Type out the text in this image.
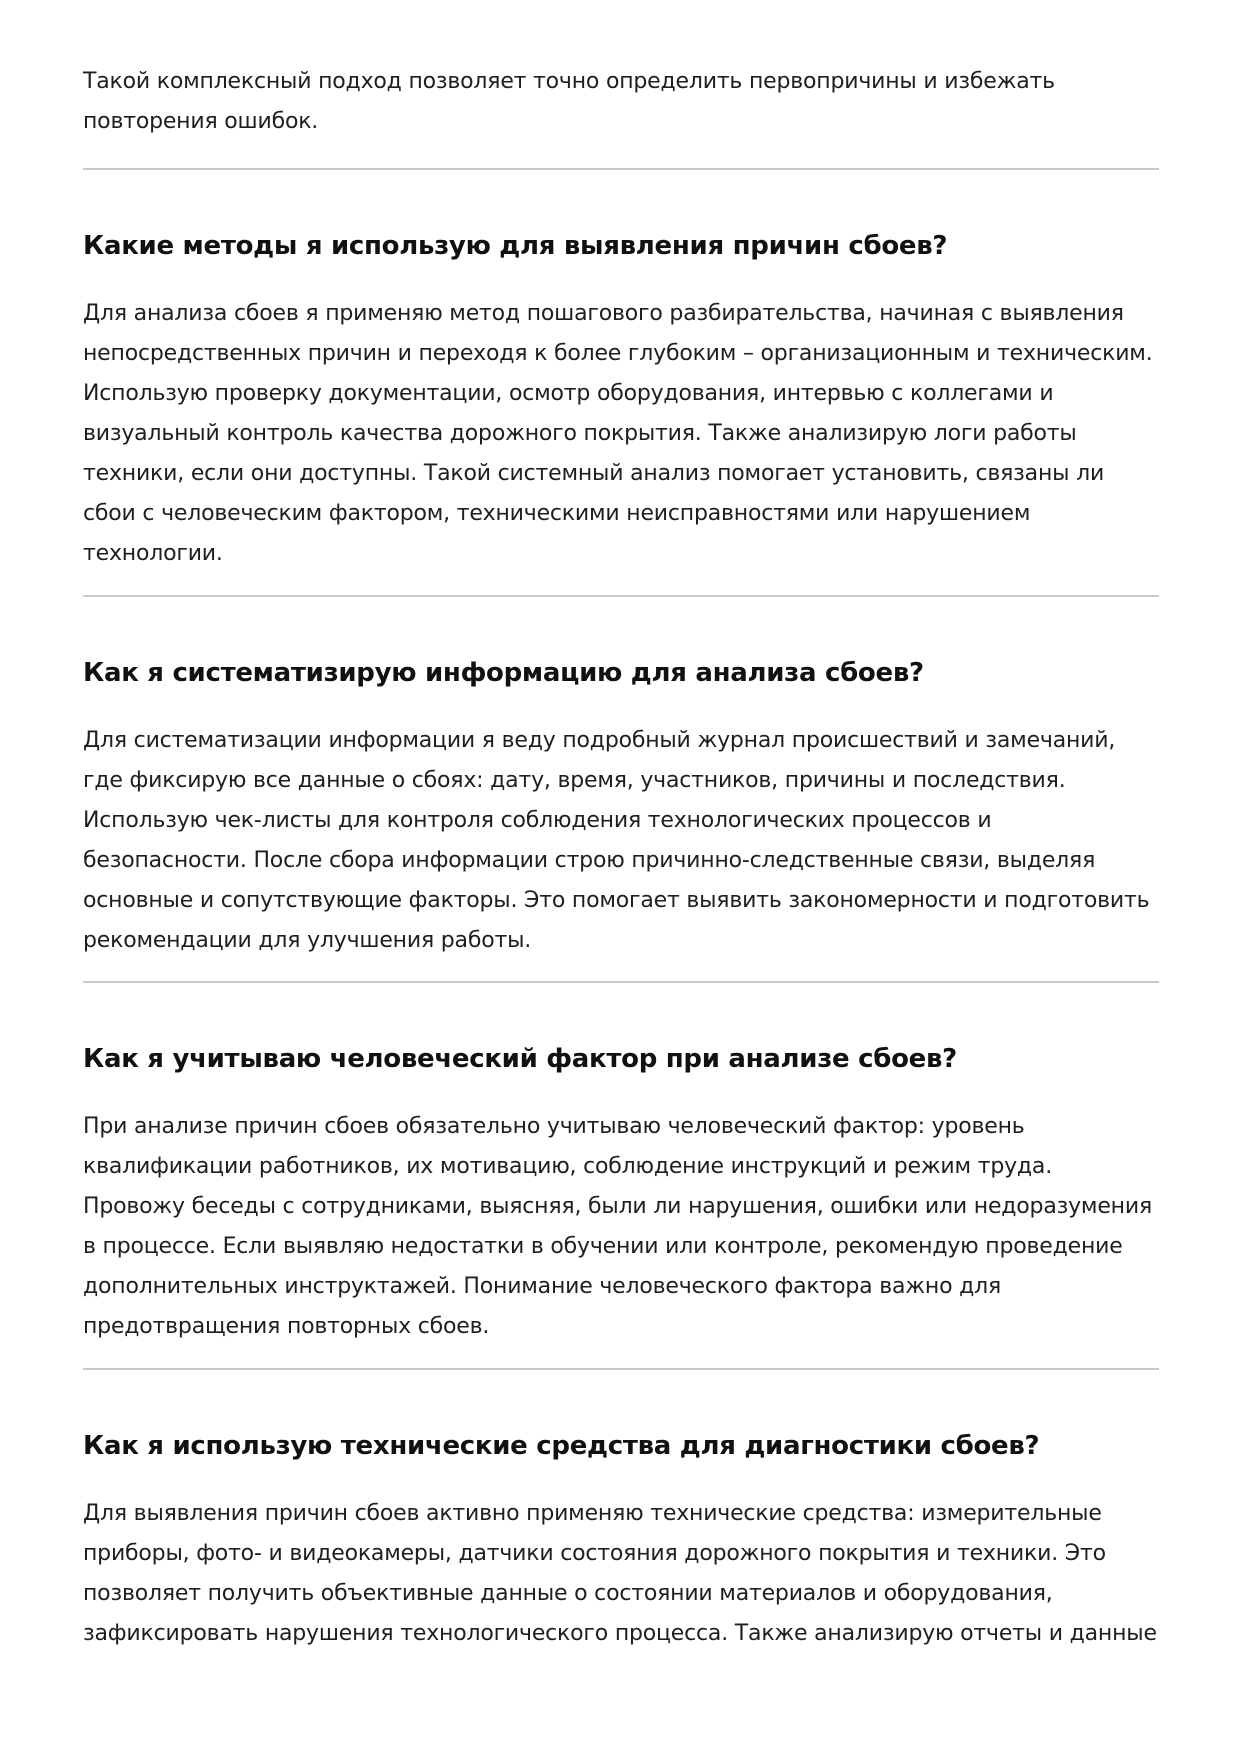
Такой комплексный подход позволяет точно определить первопричины и избежать повторения ошибок.

Какие методы я использую для выявления причин сбоев?

Для анализа сбоев я применяю метод пошагового разбирательства, начиная с выявления непосредственных причин и переходя к более глубоким – организационным и техническим. Использую проверку документации, осмотр оборудования, интервью с коллегами и визуальный контроль качества дорожного покрытия. Также анализирую логи работы техники, если они доступны. Такой системный анализ помогает установить, связаны ли сбои с человеческим фактором, техническими неисправностями или нарушением технологии.

Как я систематизирую информацию для анализа сбоев?

Для систематизации информации я веду подробный журнал происшествий и замечаний, где фиксирую все данные о сбоях: дату, время, участников, причины и последствия. Использую чек-листы для контроля соблюдения технологических процессов и безопасности. После сбора информации строю причинно-следственные связи, выделяя основные и сопутствующие факторы. Это помогает выявить закономерности и подготовить рекомендации для улучшения работы.

Как я учитываю человеческий фактор при анализе сбоев?

При анализе причин сбоев обязательно учитываю человеческий фактор: уровень квалификации работников, их мотивацию, соблюдение инструкций и режим труда. Провожу беседы с сотрудниками, выясняя, были ли нарушения, ошибки или недоразумения в процессе. Если выявляю недостатки в обучении или контроле, рекомендую проведение дополнительных инструктажей. Понимание человеческого фактора важно для предотвращения повторных сбоев.

Как я использую технические средства для диагностики сбоев?

Для выявления причин сбоев активно применяю технические средства: измерительные приборы, фото- и видеокамеры, датчики состояния дорожного покрытия и техники. Это позволяет получить объективные данные о состоянии материалов и оборудования, зафиксировать нарушения технологического процесса. Также анализирую отчеты и данные
